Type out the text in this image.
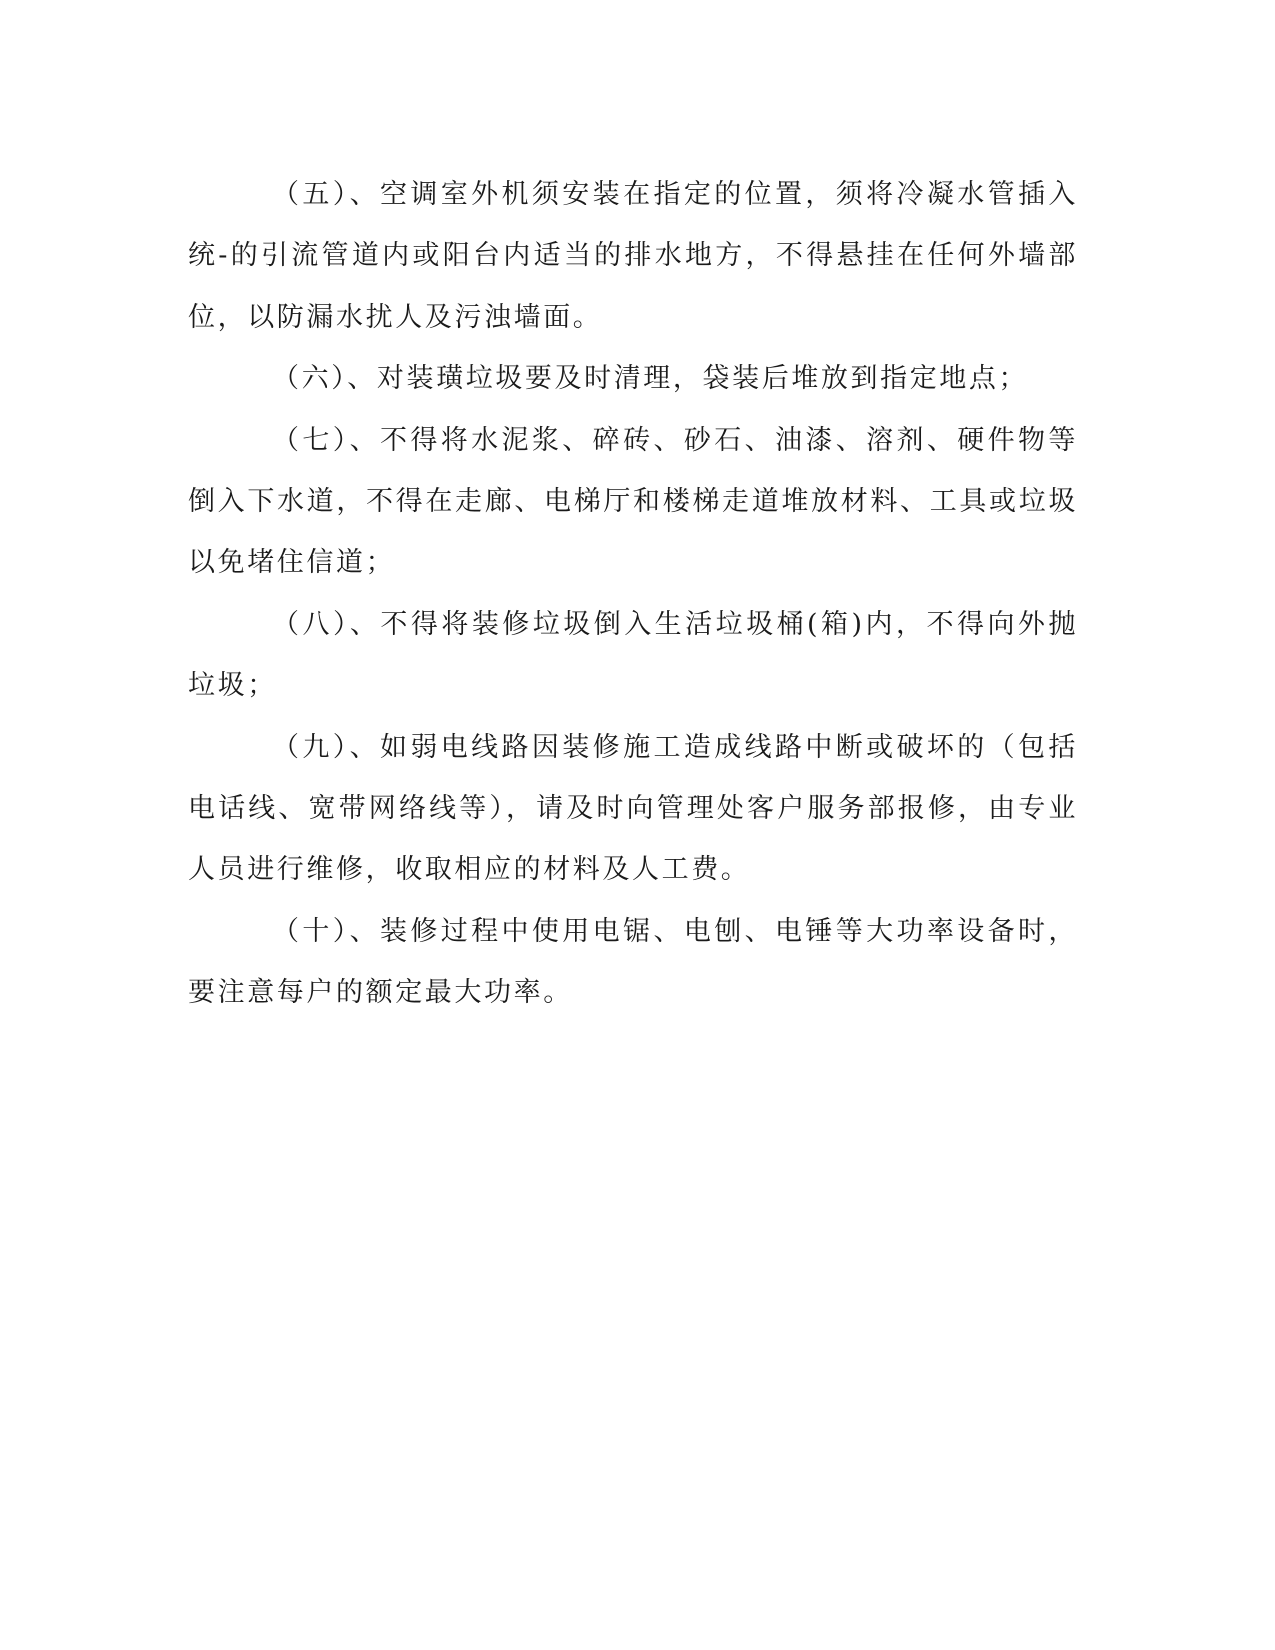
（五）、空调室外机须安装在指定的位置，须将冷凝水管插入统-的引流管道内或阳台内适当的排水地方，不得悬挂在任何外墙部位，以防漏水扰人及污浊墙面。

（六）、对装璜垃圾要及时清理，袋装后堆放到指定地点；

（七）、不得将水泥浆、碎砖、砂石、油漆、溶剂、硬件物等倒入下水道，不得在走廊、电梯厅和楼梯走道堆放材料、工具或垃圾以免堵住信道；

（八）、不得将装修垃圾倒入生活垃圾桶(箱)内，不得向外抛垃圾；

（九）、如弱电线路因装修施工造成线路中断或破坏的（包括电话线、宽带网络线等），请及时向管理处客户服务部报修，由专业人员进行维修，收取相应的材料及人工费。

（十）、装修过程中使用电锯、电刨、电锤等大功率设备时，要注意每户的额定最大功率。
